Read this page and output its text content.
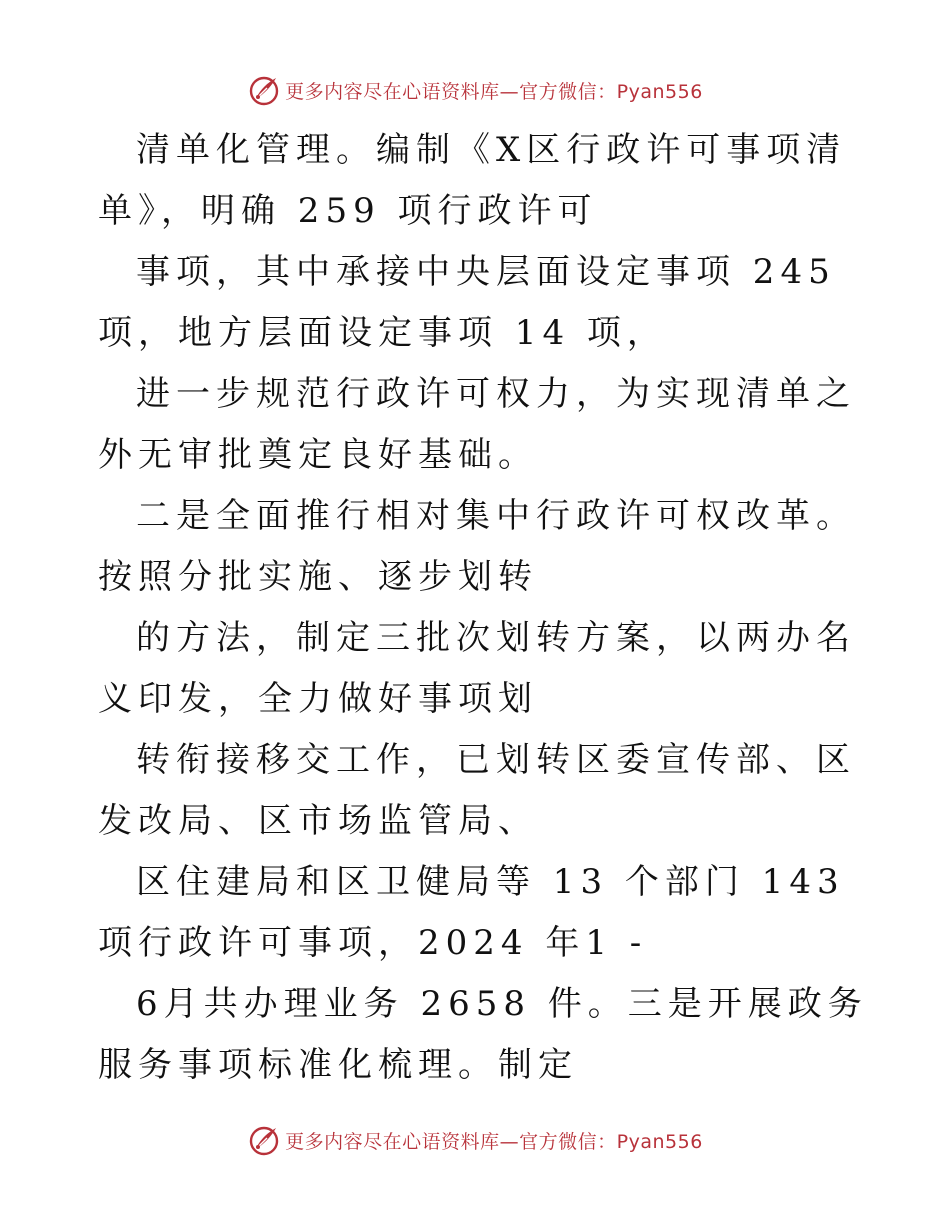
更多内容尽在心语资料库—官方微信：Pyan556

清单化管理。编制《X区行政许可事项清单》，明确 259 项行政许可

事项，其中承接中央层面设定事项 245 项，地方层面设定事项 14 项，

进一步规范行政许可权力，为实现清单之外无审批奠定良好基础。

二是全面推行相对集中行政许可权改革。按照分批实施、逐步划转

的方法，制定三批次划转方案，以两办名义印发，全力做好事项划

转衔接移交工作，已划转区委宣传部、区发改局、区市场监管局、

区住建局和区卫健局等 13 个部门 143 项行政许可事项，2024 年1 -

6月共办理业务 2658 件。三是开展政务服务事项标准化梳理。制定

更多内容尽在心语资料库—官方微信：Pyan556
